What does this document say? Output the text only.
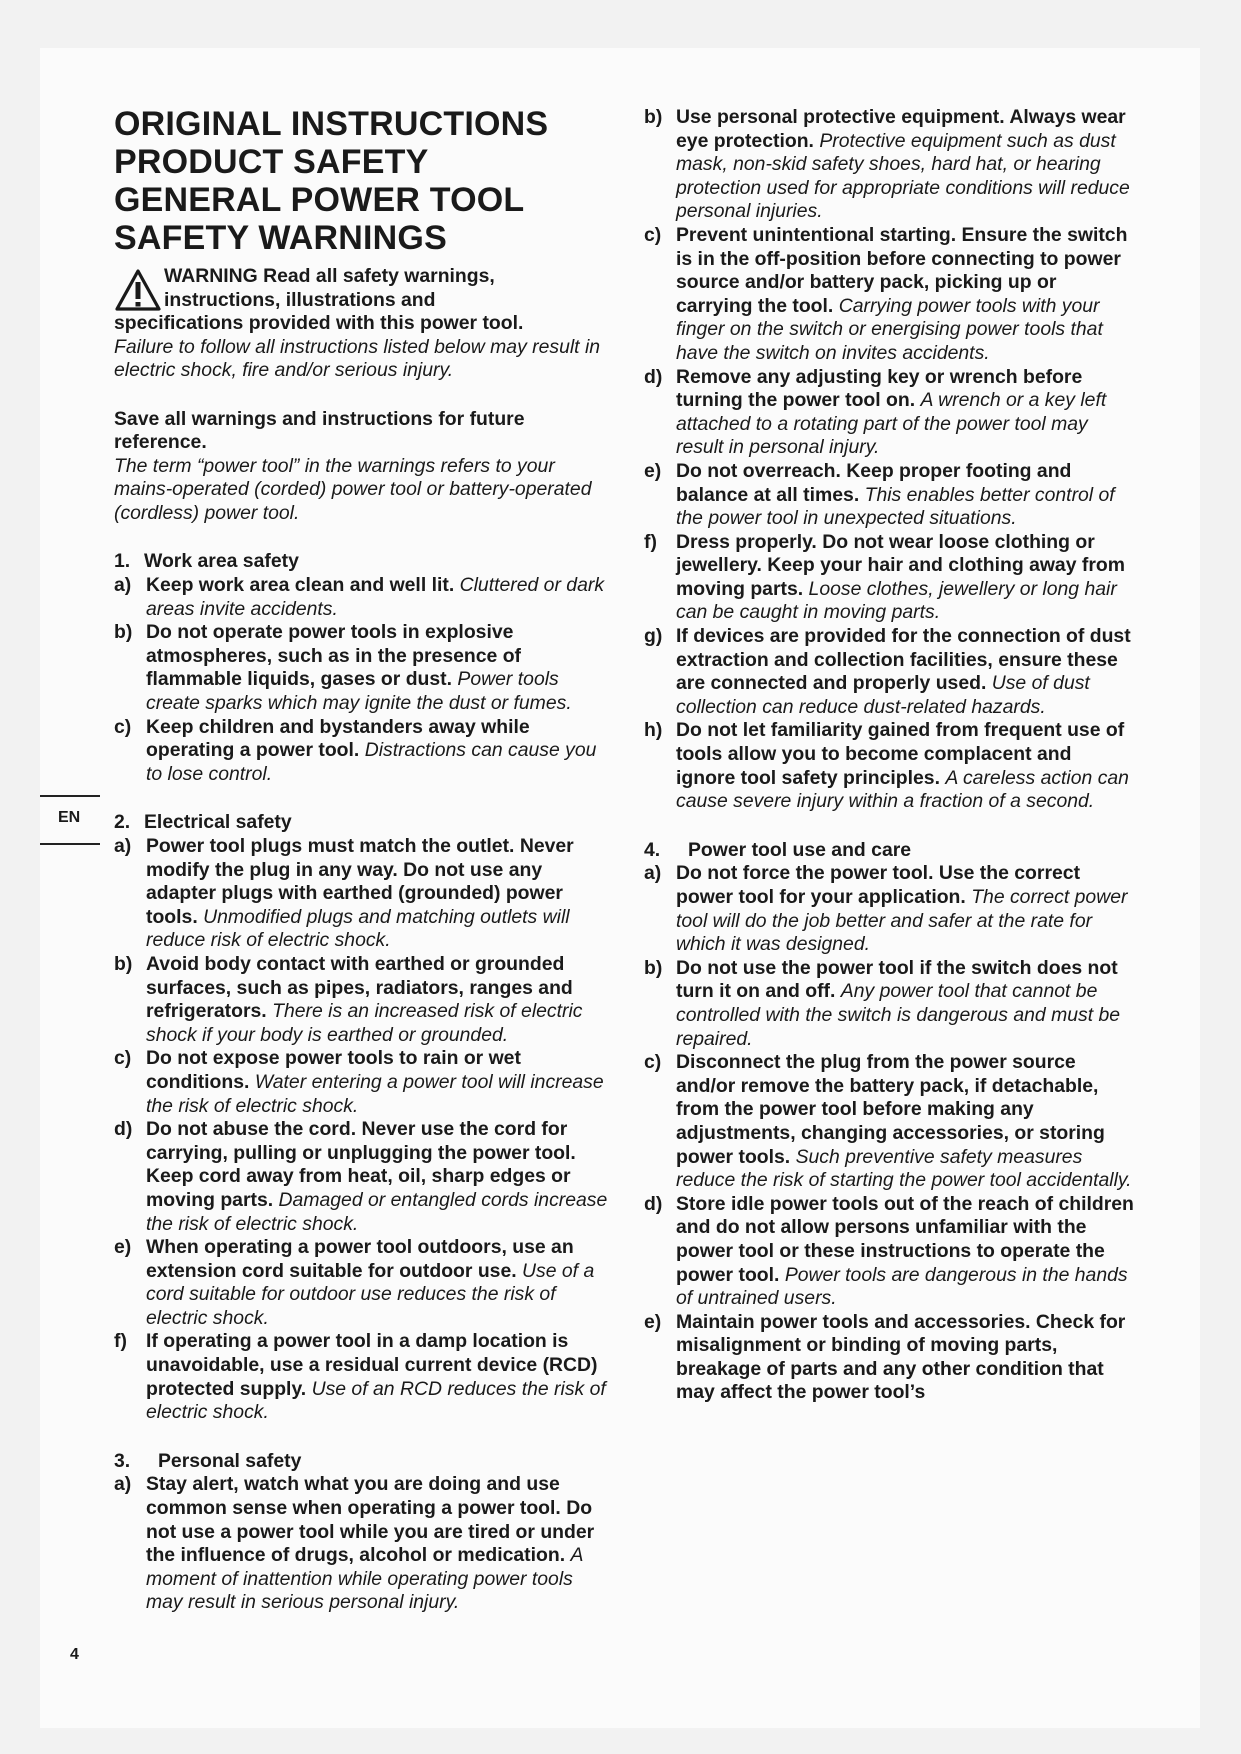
ORIGINAL INSTRUCTIONS
PRODUCT SAFETY
GENERAL POWER TOOL
SAFETY WARNINGS
WARNING Read all safety warnings,
instructions, illustrations and
specifications provided with this power tool.
Failure to follow all instructions listed below may result in electric shock, fire and/or serious injury.

Save all warnings and instructions for future reference.
The term “power tool” in the warnings refers to your mains-operated (corded) power tool or battery-operated (cordless) power tool.

1. Work area safety
a) Keep work area clean and well lit. Cluttered or dark areas invite accidents.
b) Do not operate power tools in explosive atmospheres, such as in the presence of flammable liquids, gases or dust. Power tools create sparks which may ignite the dust or fumes.
c) Keep children and bystanders away while operating a power tool. Distractions can cause you to lose control.
2. Electrical safety
a) Power tool plugs must match the outlet. Never modify the plug in any way. Do not use any adapter plugs with earthed (grounded) power tools. Unmodified plugs and matching outlets will reduce risk of electric shock.
b) Avoid body contact with earthed or grounded surfaces, such as pipes, radiators, ranges and refrigerators. There is an increased risk of electric shock if your body is earthed or grounded.
c) Do not expose power tools to rain or wet conditions. Water entering a power tool will increase the risk of electric shock.
d) Do not abuse the cord. Never use the cord for carrying, pulling or unplugging the power tool. Keep cord away from heat, oil, sharp edges or moving parts. Damaged or entangled cords increase the risk of electric shock.
e) When operating a power tool outdoors, use an extension cord suitable for outdoor use. Use of a cord suitable for outdoor use reduces the risk of electric shock.
f) If operating a power tool in a damp location is unavoidable, use a residual current device (RCD) protected supply. Use of an RCD reduces the risk of electric shock.
3. Personal safety
a) Stay alert, watch what you are doing and use common sense when operating a power tool. Do not use a power tool while you are tired or under the influence of drugs, alcohol or medication. A moment of inattention while operating power tools may result in serious personal injury.
b) Use personal protective equipment. Always wear eye protection. Protective equipment such as dust mask, non-skid safety shoes, hard hat, or hearing protection used for appropriate conditions will reduce personal injuries.
c) Prevent unintentional starting. Ensure the switch is in the off-position before connecting to power source and/or battery pack, picking up or carrying the tool. Carrying power tools with your finger on the switch or energising power tools that have the switch on invites accidents.
d) Remove any adjusting key or wrench before turning the power tool on. A wrench or a key left attached to a rotating part of the power tool may result in personal injury.
e) Do not overreach. Keep proper footing and balance at all times. This enables better control of the power tool in unexpected situations.
f) Dress properly. Do not wear loose clothing or jewellery. Keep your hair and clothing away from moving parts. Loose clothes, jewellery or long hair can be caught in moving parts.
g) If devices are provided for the connection of dust extraction and collection facilities, ensure these are connected and properly used. Use of dust collection can reduce dust-related hazards.
h) Do not let familiarity gained from frequent use of tools allow you to become complacent and ignore tool safety principles. A careless action can cause severe injury within a fraction of a second.
4. Power tool use and care
a) Do not force the power tool. Use the correct power tool for your application. The correct power tool will do the job better and safer at the rate for which it was designed.
b) Do not use the power tool if the switch does not turn it on and off. Any power tool that cannot be controlled with the switch is dangerous and must be repaired.
c) Disconnect the plug from the power source and/or remove the battery pack, if detachable, from the power tool before making any adjustments, changing accessories, or storing power tools. Such preventive safety measures reduce the risk of starting the power tool accidentally.
d) Store idle power tools out of the reach of children and do not allow persons unfamiliar with the power tool or these instructions to operate the power tool. Power tools are dangerous in the hands of untrained users.
e) Maintain power tools and accessories. Check for misalignment or binding of moving parts, breakage of parts and any other condition that may affect the power tool’s
EN
4
